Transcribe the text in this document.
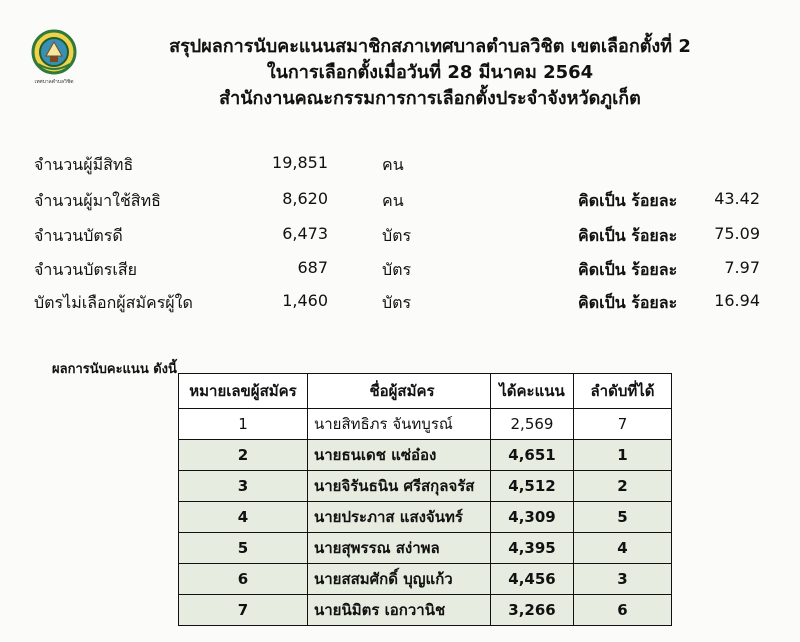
เทศบาลตำบลวิชิต
สรุปผลการนับคะแนนสมาชิกสภาเทศบาลตำบลวิชิต เขตเลือกตั้งที่ 2
ในการเลือกตั้งเมื่อวันที่ 28 มีนาคม 2564
สำนักงานคณะกรรมการการเลือกตั้งประจำจังหวัดภูเก็ต
จำนวนผู้มีสิทธิ	19,851	คน
จำนวนผู้มาใช้สิทธิ	8,620	คน	คิดเป็น ร้อยละ 43.42
จำนวนบัตรดี	6,473	บัตร	คิดเป็น ร้อยละ 75.09
จำนวนบัตรเสีย	687	บัตร	คิดเป็น ร้อยละ	7.97
บัตรไม่เลือกผู้สมัครผู้ใด	1,460	บัตร	คิดเป็น ร้อยละ 16.94
ผลการนับคะแนน ดังนี้
หมายเลขผู้สมัคร	ชื่อผู้สมัคร	ได้คะแนน	ลำดับที่ได้
1	นายสิทธิภร จันทบูรณ์	2,569	7
2	นายธนเดช แซ่อ๋อง	4,651	1
3	นายจิรันธนิน ศรีสกุลจรัส	4,512	2
4	นายประภาส แสงจันทร์	4,309	5
5	นายสุพรรณ สง่าพล	4,395	4
6	นายสสมศักดิ์ บุญแก้ว	4,456	3
7	นายนิมิตร เอกวานิช	3,266	6
